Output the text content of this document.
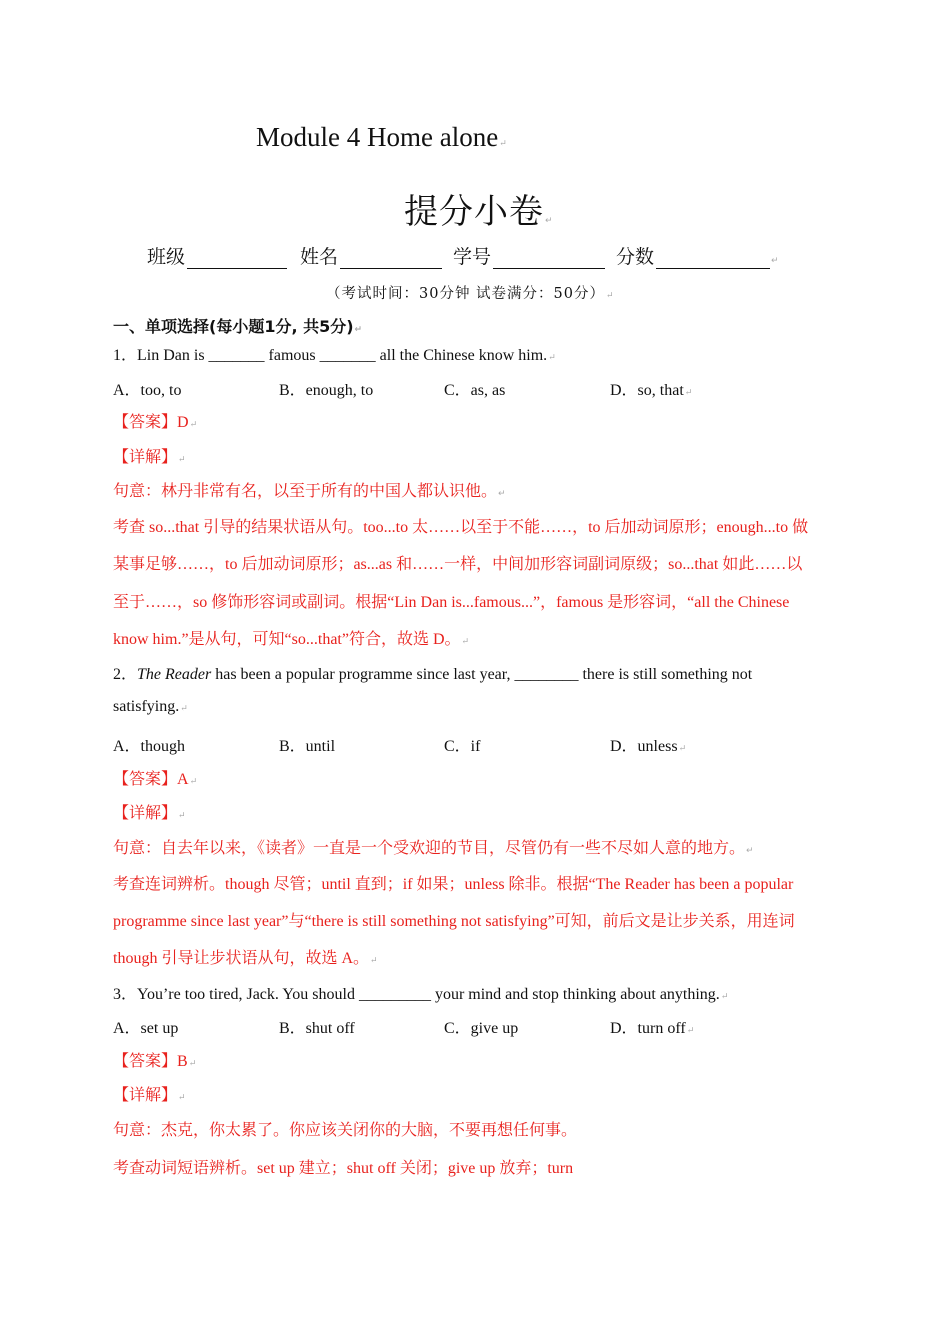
Module 4 Home alone↵
提分小卷↵
班级	姓名	学号	分数	↵
（考试时间：30分钟 试卷满分：50分）↵
一、单项选择(每小题1分, 共5分)↵
1．Lin Dan is _______ famous _______ all the Chinese know him.↵
A．too, to	B．enough, to	C．as, as	D．so, that↵
【答案】D↵
【详解】↵
句意：林丹非常有名，以至于所有的中国人都认识他。↵
考查 so...that 引导的结果状语从句。too...to 太……以至于不能……，to 后加动词原形；enough...to 做
某事足够……，to 后加动词原形；as...as 和……一样，中间加形容词副词原级；so...that 如此……以
至于……，so 修饰形容词或副词。根据“Lin Dan is...famous...”，famous 是形容词，“all the Chinese
know him.”是从句，可知“so...that”符合，故选 D。↵
2．The Reader has been a popular programme since last year, ________ there is still something not
satisfying.↵
A．though	B．until	C．if	D．unless↵
【答案】A↵
【详解】↵
句意：自去年以来，《读者》一直是一个受欢迎的节目，尽管仍有一些不尽如人意的地方。↵
考查连词辨析。though 尽管；until 直到；if 如果；unless 除非。根据“The Reader has been a popular
programme since last year”与“there is still something not satisfying”可知，前后文是让步关系，用连词
though 引导让步状语从句，故选 A。↵
3．You’re too tired, Jack. You should _________ your mind and stop thinking about anything.↵
A．set up	B．shut off	C．give up	D．turn off↵
【答案】B↵
【详解】↵
句意：杰克，你太累了。你应该关闭你的大脑，不要再想任何事。
考查动词短语辨析。set up 建立；shut off 关闭；give up 放弃；turn
